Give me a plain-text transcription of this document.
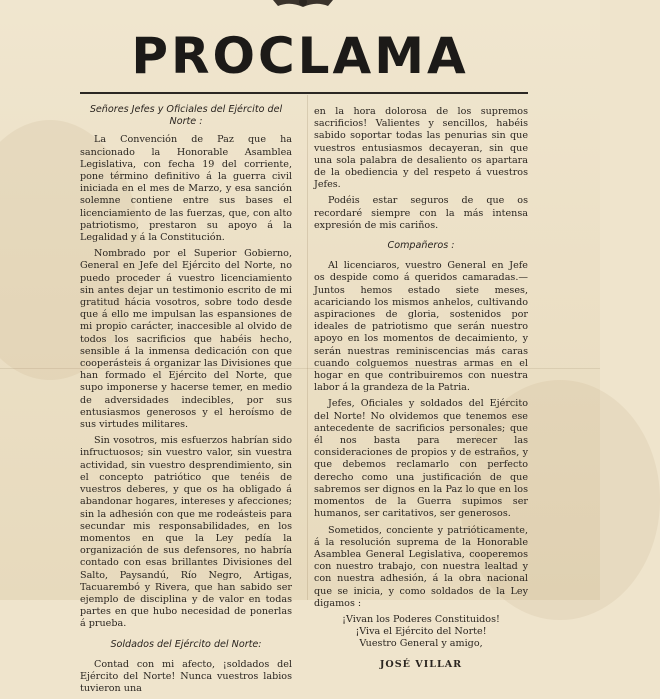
PROCLAMA

Señores Jefes y Oficiales del Ejército del Norte :

La Convención de Paz que ha sancionado la Honorable Asamblea Legislativa, con fecha 19 del corriente, pone término definitivo á la guerra civil iniciada en el mes de Marzo, y esa sanción solemne contiene entre sus bases el licenciamiento de las fuerzas, que, con alto patriotismo, prestaron su apoyo á la Legalidad y á la Constitución.

Nombrado por el Superior Gobierno, General en Jefe del Ejército del Norte, no puedo proceder á vuestro licenciamiento sin antes dejar un testimonio escrito de mi gratitud hácia vosotros, sobre todo desde que á ello me impulsan las espansiones de mi propio carácter, inaccesible al olvido de todos los sacrificios que habéis hecho, sensible á la inmensa dedicación con que cooperásteis á organizar las Divisiones que han formado el Ejército del Norte, que supo imponerse y hacerse temer, en medio de adversidades indecibles, por sus entusiasmos generosos y el heroísmo de sus virtudes militares.

Sin vosotros, mis esfuerzos habrían sido infructuosos; sin vuestro valor, sin vuestra actividad, sin vuestro desprendimiento, sin el concepto patriótico que tenéis de vuestros deberes, y que os ha obligado á abandonar hogares, intereses y afecciones; sin la adhesión con que me rodeásteis para secundar mis responsabilidades, en los momentos en que la Ley pedía la organización de sus defensores, no habría contado con esas brillantes Divisiones del Salto, Paysandú, Río Negro, Artigas, Tacuarembó y Rivera, que han sabido ser ejemplo de disciplina y de valor en todas partes en que hubo necesidad de ponerlas á prueba.

Soldados del Ejército del Norte:

Contad con mi afecto, ¡soldados del Ejército del Norte! Nunca vuestros labios tuvieron una

en la hora dolorosa de los supremos sacrificios! Valientes y sencillos, habéis sabido soportar todas las penurias sin que vuestros entusiasmos decayeran, sin que una sola palabra de desaliento os apartara de la obediencia y del respeto á vuestros Jefes.

Podéis estar seguros de que os recordaré siempre con la más intensa expresión de mis cariños.

Compañeros :

Al licenciaros, vuestro General en Jefe os despide como á queridos camaradas.—Juntos hemos estado siete meses, acariciando los mismos anhelos, cultivando aspiraciones de gloria, sostenidos por ideales de patriotismo que serán nuestro apoyo en los momentos de decaimiento, y serán nuestras reminiscencias más caras cuando colguemos nuestras armas en el hogar en que contribuiremos con nuestra labor á la grandeza de la Patria.

Jefes, Oficiales y soldados del Ejército del Norte! No olvidemos que tenemos ese antecedente de sacrificios personales; que él nos basta para merecer las consideraciones de propios y de estraños, y que debemos reclamarlo con perfecto derecho como una justificación de que sabremos ser dignos en la Paz lo que en los momentos de la Guerra supimos ser humanos, ser caritativos, ser generosos.

Sometidos, conciente y patrióticamente, á la resolución suprema de la Honorable Asamblea General Legislativa, cooperemos con nuestro trabajo, con nuestra lealtad y con nuestra adhesión, á la obra nacional que se inicia, y como soldados de la Ley digamos :

¡Vivan los Poderes Constituidos!

¡Viva el Ejército del Norte!

Vuestro General y amigo,

JOSÉ VILLAR
